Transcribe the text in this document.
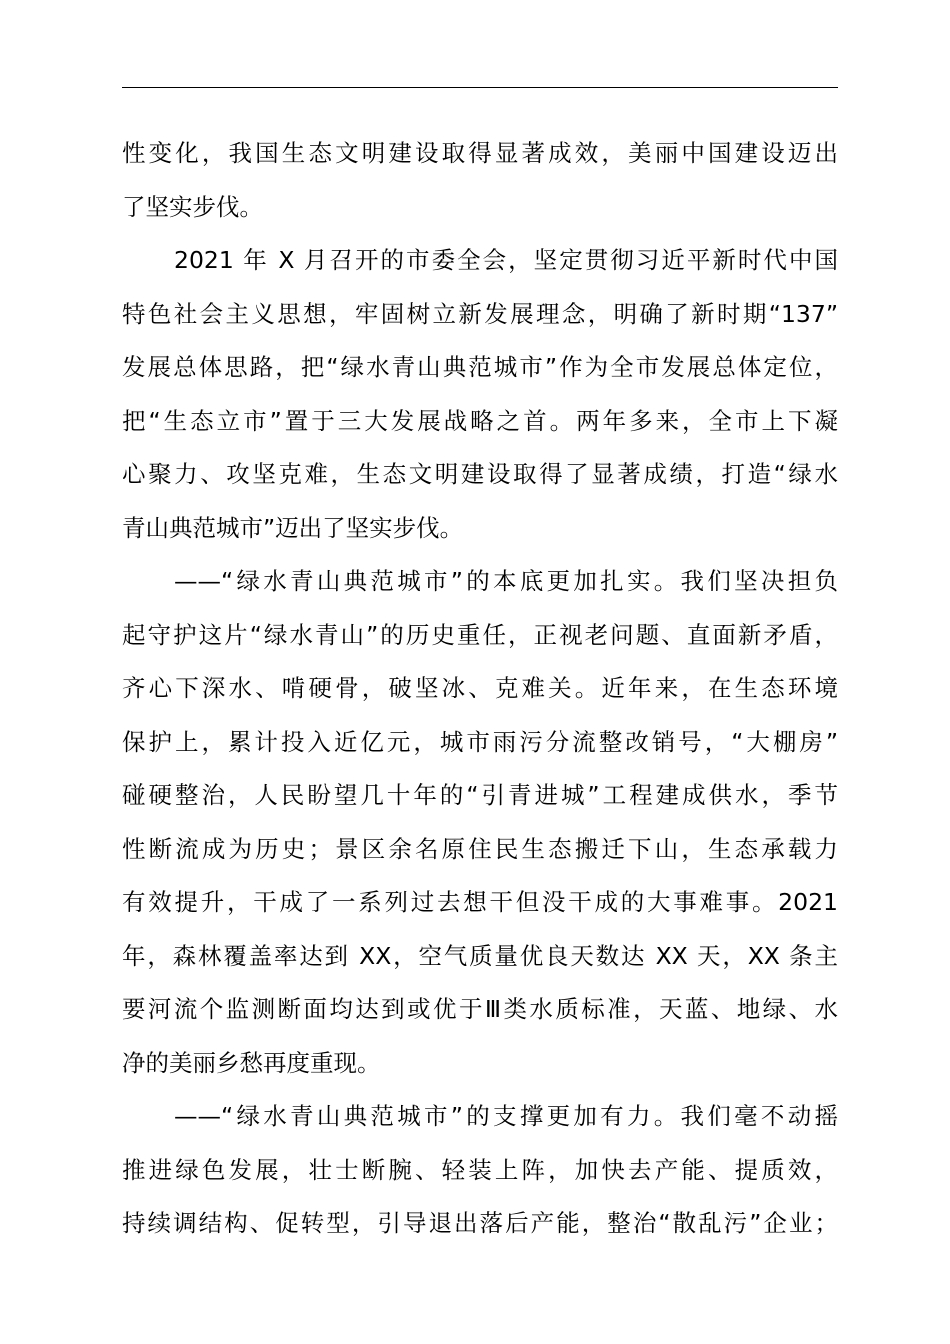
性变化，我国生态文明建设取得显著成效，美丽中国建设迈出
了坚实步伐。
2021 年 X 月召开的市委全会，坚定贯彻习近平新时代中国
特色社会主义思想，牢固树立新发展理念，明确了新时期“137”
发展总体思路，把“绿水青山典范城市”作为全市发展总体定位，
把“生态立市”置于三大发展战略之首。两年多来，全市上下凝
心聚力、攻坚克难，生态文明建设取得了显著成绩，打造“绿水
青山典范城市”迈出了坚实步伐。
——“绿水青山典范城市”的本底更加扎实。我们坚决担负
起守护这片“绿水青山”的历史重任，正视老问题、直面新矛盾，
齐心下深水、啃硬骨，破坚冰、克难关。近年来，在生态环境
保护上，累计投入近亿元，城市雨污分流整改销号，“大棚房”
碰硬整治，人民盼望几十年的“引青进城”工程建成供水，季节
性断流成为历史；景区余名原住民生态搬迁下山，生态承载力
有效提升，干成了一系列过去想干但没干成的大事难事。2021
年，森林覆盖率达到 XX，空气质量优良天数达 XX 天，XX 条主
要河流个监测断面均达到或优于Ⅲ类水质标准，天蓝、地绿、水
净的美丽乡愁再度重现。
——“绿水青山典范城市”的支撑更加有力。我们毫不动摇
推进绿色发展，壮士断腕、轻装上阵，加快去产能、提质效，
持续调结构、促转型，引导退出落后产能，整治“散乱污”企业；
